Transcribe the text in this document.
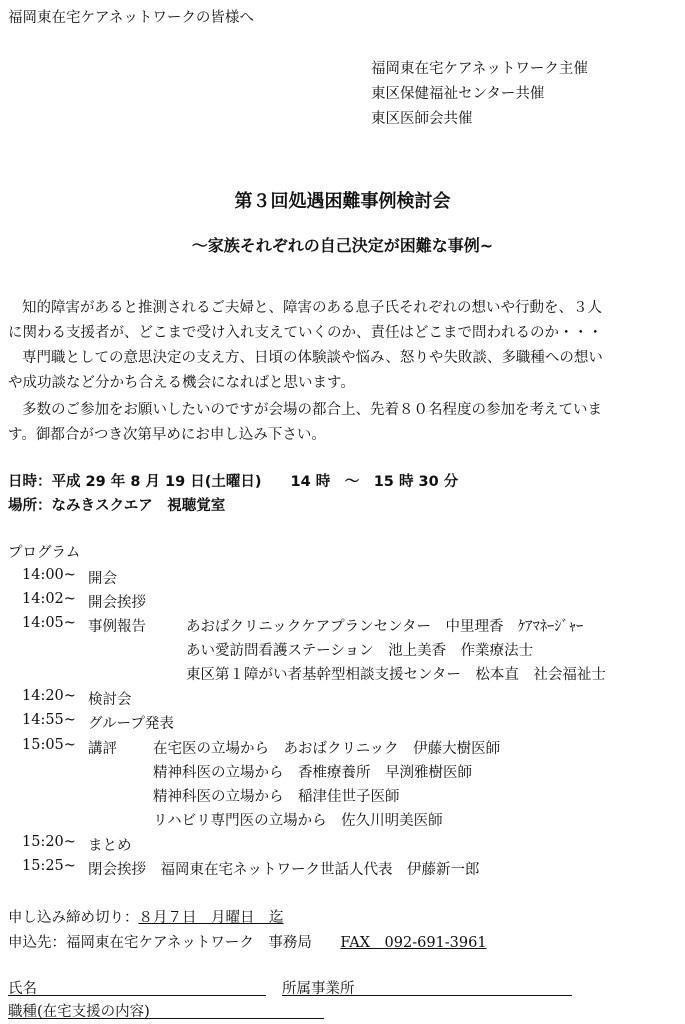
福岡東在宅ケアネットワークの皆様へ
福岡東在宅ケアネットワーク主催
東区保健福祉センター共催
東区医師会共催
第３回処遇困難事例検討会
～家族それぞれの自己決定が困難な事例~
知的障害があると推測されるご夫婦と、障害のある息子氏それぞれの想いや行動を、３人
に関わる支援者が、どこまで受け入れ支えていくのか、責任はどこまで問われるのか・・・
専門職としての意思決定の支え方、日頃の体験談や悩み、怒りや失敗談、多職種への想い
や成功談など分かち合える機会になればと思います。
多数のご参加をお願いしたいのですが会場の都合上、先着８０名程度の参加を考えていま
す。御都合がつき次第早めにお申し込み下さい。
日時：平成 29 年 8 月 19 日(土曜日)　　14 時　～　15 時 30 分
場所：なみきスクエア　視聴覚室
プログラム
14:00~ 開会
14:02~ 開会挨拶
14:05~ 事例報告	あおばクリニックケアプランセンター　中里理香　ｹｱﾏﾈｰｼﾞｬｰ
あい愛訪問看護ステーション　池上美香　作業療法士
東区第１障がい者基幹型相談支援センター　松本直　社会福祉士
14:20~ 検討会
14:55~ グループ発表
15:05~ 講評 在宅医の立場から　あおばクリニック　伊藤大樹医師
精神科医の立場から　香椎療養所　早渕雅樹医師
精神科医の立場から　稲津佳世子医師
リハビリ専門医の立場から　佐久川明美医師
15:20~ まとめ
15:25~ 閉会挨拶　福岡東在宅ネットワーク世話人代表　伊藤新一郎
申し込み締め切り：８月７日　月曜日　迄
申込先：福岡東在宅ケアネットワーク　事務局　FAX　092-691-3961
氏名	所属事業所
職種(在宅支援の内容)
